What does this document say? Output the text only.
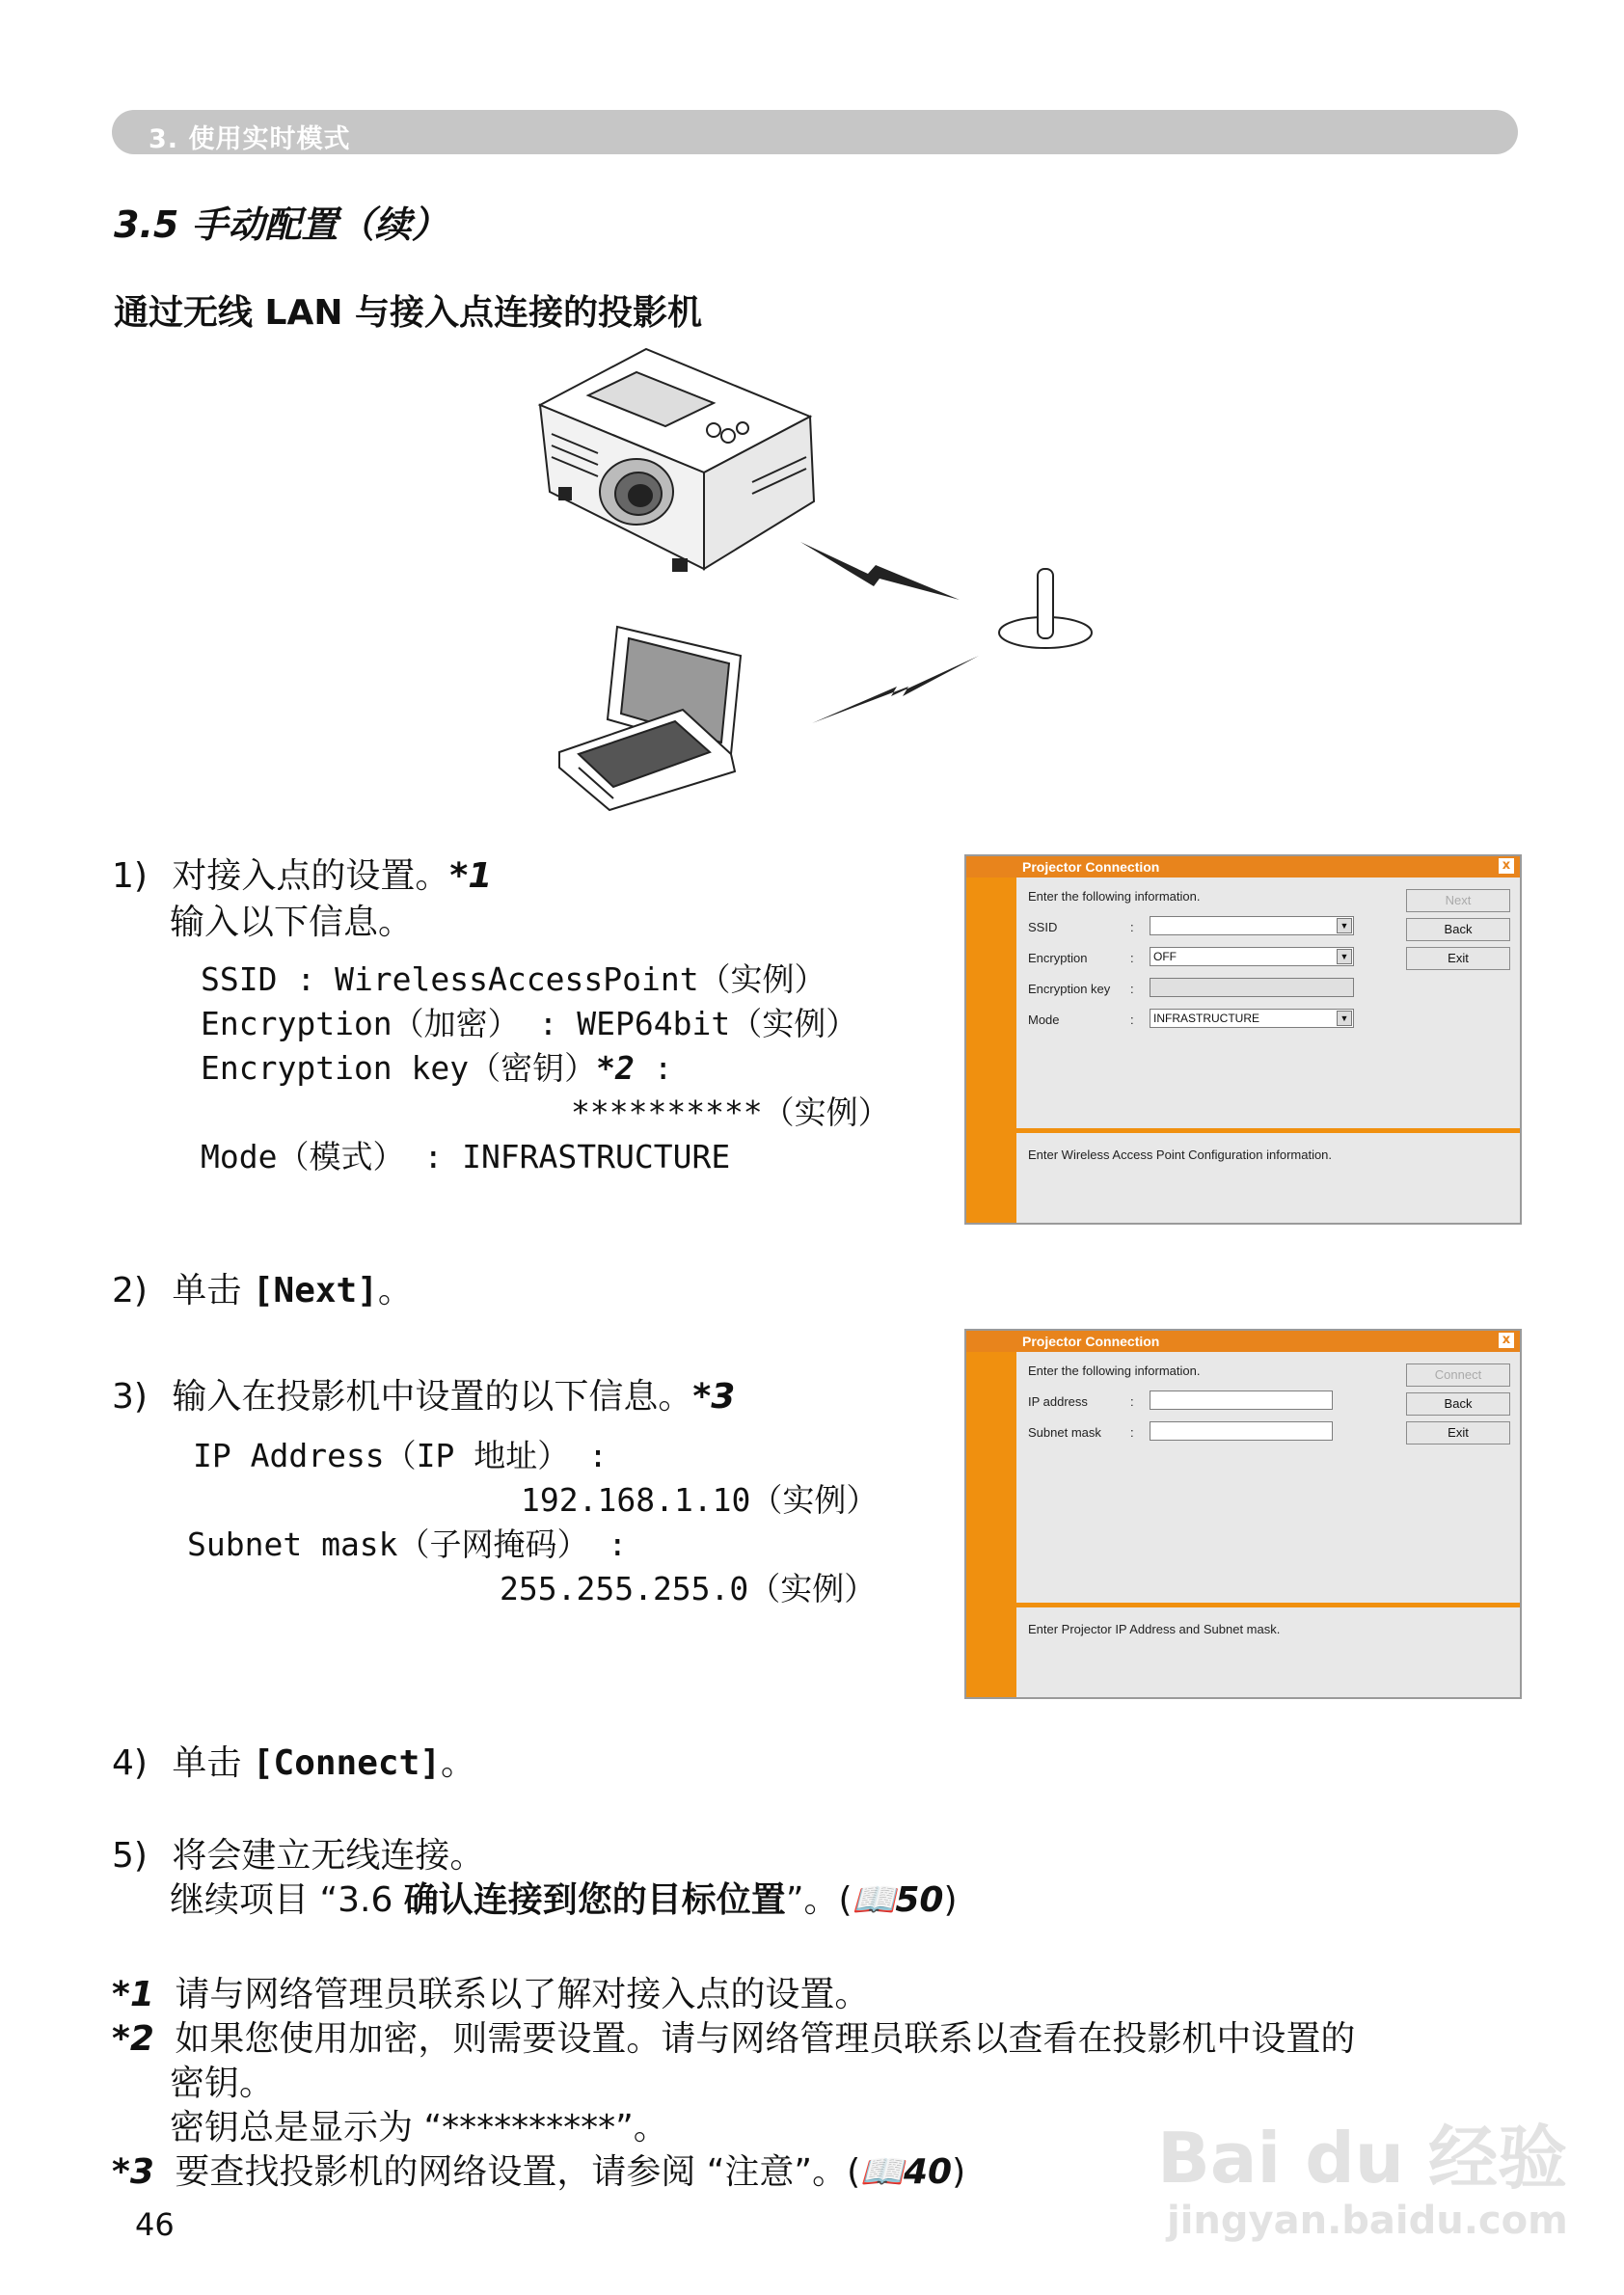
3. 使用实时模式
3.5 手动配置（续）
通过无线 LAN 与接入点连接的投影机
1) 对接入点的设置。*1
输入以下信息。
SSID : WirelessAccessPoint（实例）
Encryption（加密） : WEP64bit（实例）
Encryption key（密钥）*2 :
**********（实例）
Mode（模式） : INFRASTRUCTURE
Projector Connection	x
Enter the following information.
SSID	:	▼
Encryption	:	OFF	▼
Encryption key :
Mode	:	INFRASTRUCTURE	▼
Next
Back
Exit
Enter Wireless Access Point Configuration information.
2) 单击 [Next]。
3) 输入在投影机中设置的以下信息。*3
IP Address（IP 地址） :
192.168.1.10（实例）
Subnet mask（子网掩码） :
255.255.255.0（实例）
Projector Connection	x
Enter the following information.
IP address	:
Subnet mask :
Connect
Back
Exit
Enter Projector IP Address and Subnet mask.
4) 单击 [Connect]。
5) 将会建立无线连接。
继续项目 “3.6 确认连接到您的目标位置”。(📖50)
*1 请与网络管理员联系以了解对接入点的设置。
*2 如果您使用加密，则需要设置。请与网络管理员联系以查看在投影机中设置的
密钥。
密钥总是显示为 “**********”。
*3 要查找投影机的网络设置，请参阅 “注意”。(📖40)
46
Bai du 经验
jingyan.baidu.com
